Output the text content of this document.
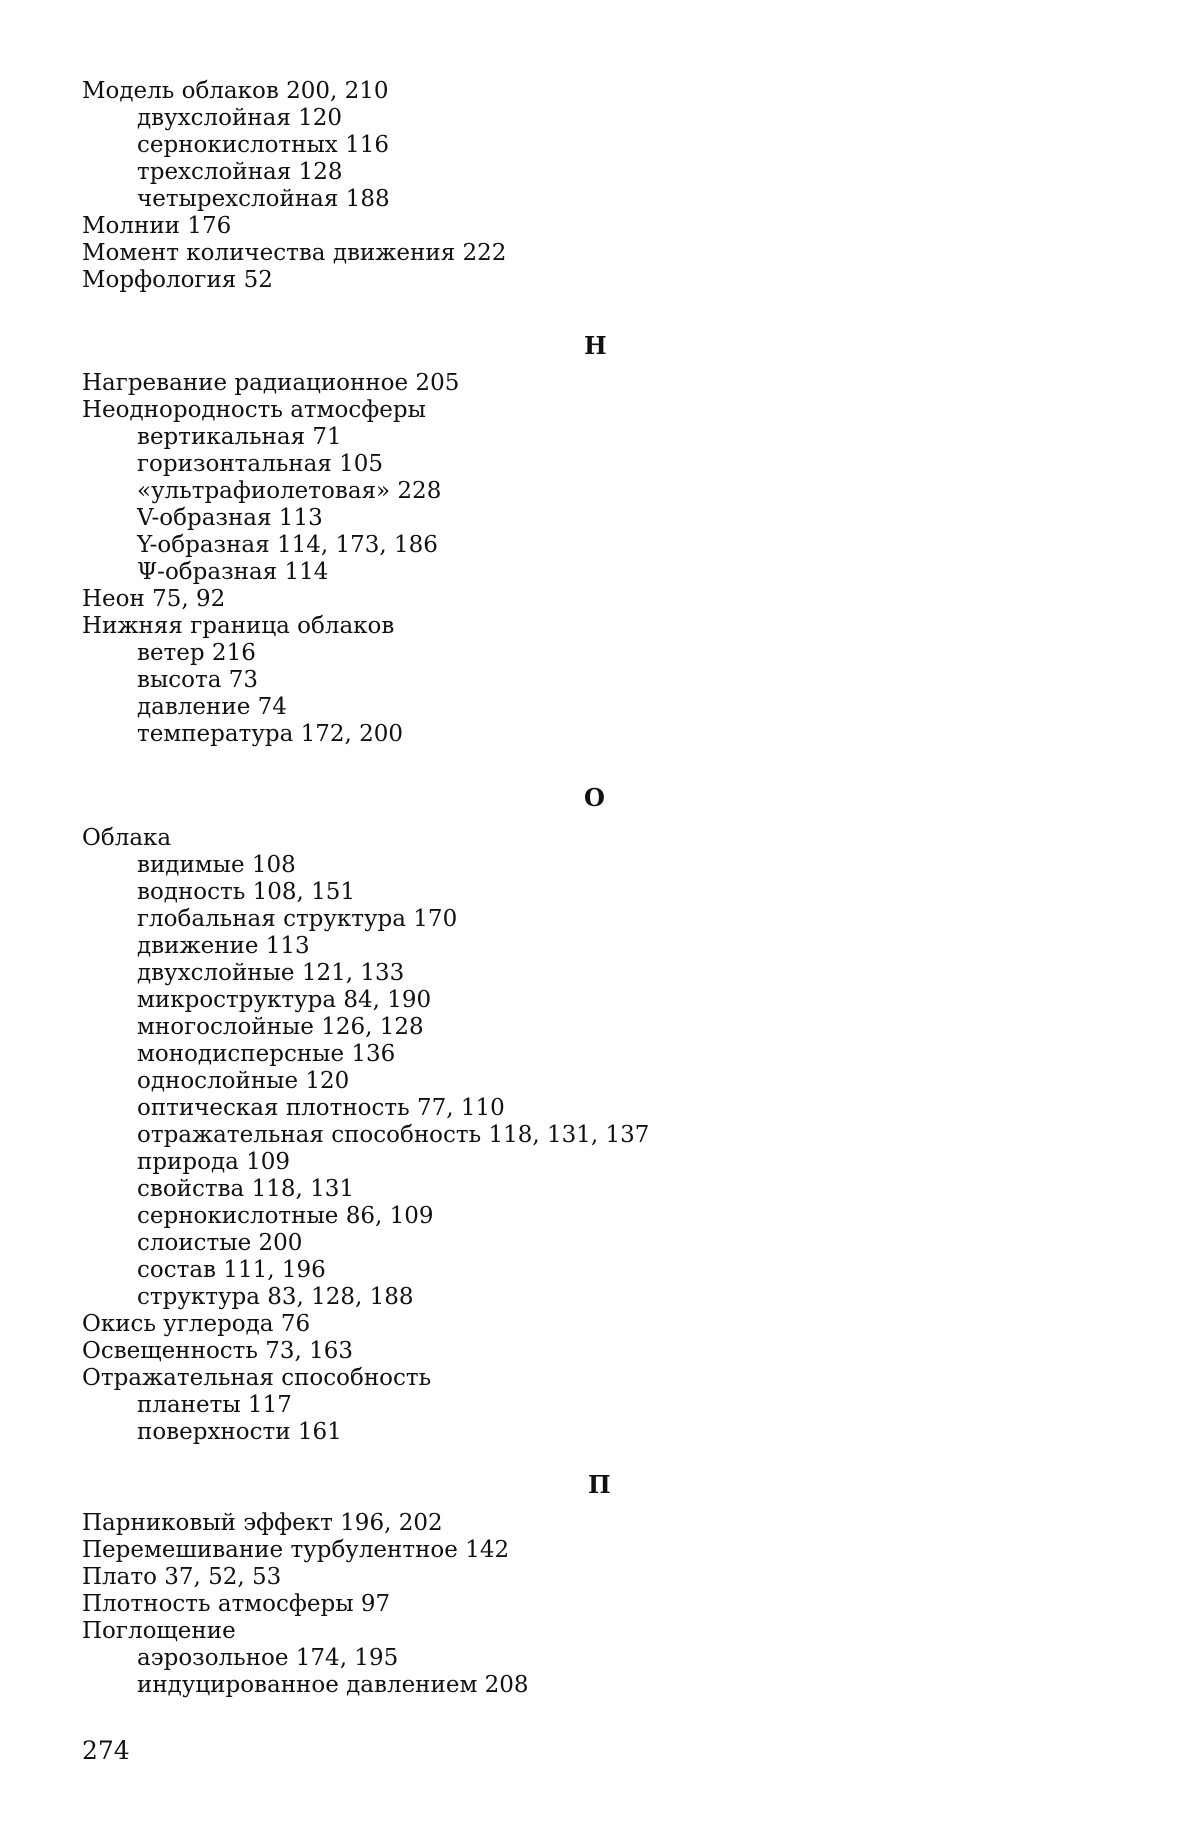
Модель облаков 200, 210
двухслойная 120
сернокислотных 116
трехслойная 128
четырехслойная 188
Молнии 176
Момент количества движения 222
Морфология 52
Н
Нагревание радиационное 205
Неоднородность атмосферы
вертикальная 71
горизонтальная 105
«ультрафиолетовая» 228
V-образная 113
Y-образная 114, 173, 186
Ψ-образная 114
Неон 75, 92
Нижняя граница облаков
ветер 216
высота 73
давление 74
температура 172, 200
О
Облака
видимые 108
водность 108, 151
глобальная структура 170
движение 113
двухслойные 121, 133
микроструктура 84, 190
многослойные 126, 128
монодисперсные 136
однослойные 120
оптическая плотность 77, 110
отражательная способность 118, 131, 137
природа 109
свойства 118, 131
сернокислотные 86, 109
слоистые 200
состав 111, 196
структура 83, 128, 188
Окись углерода 76
Освещенность 73, 163
Отражательная способность
планеты 117
поверхности 161
П
Парниковый эффект 196, 202
Перемешивание турбулентное 142
Плато 37, 52, 53
Плотность атмосферы 97
Поглощение
аэрозольное 174, 195
индуцированное давлением 208
274
